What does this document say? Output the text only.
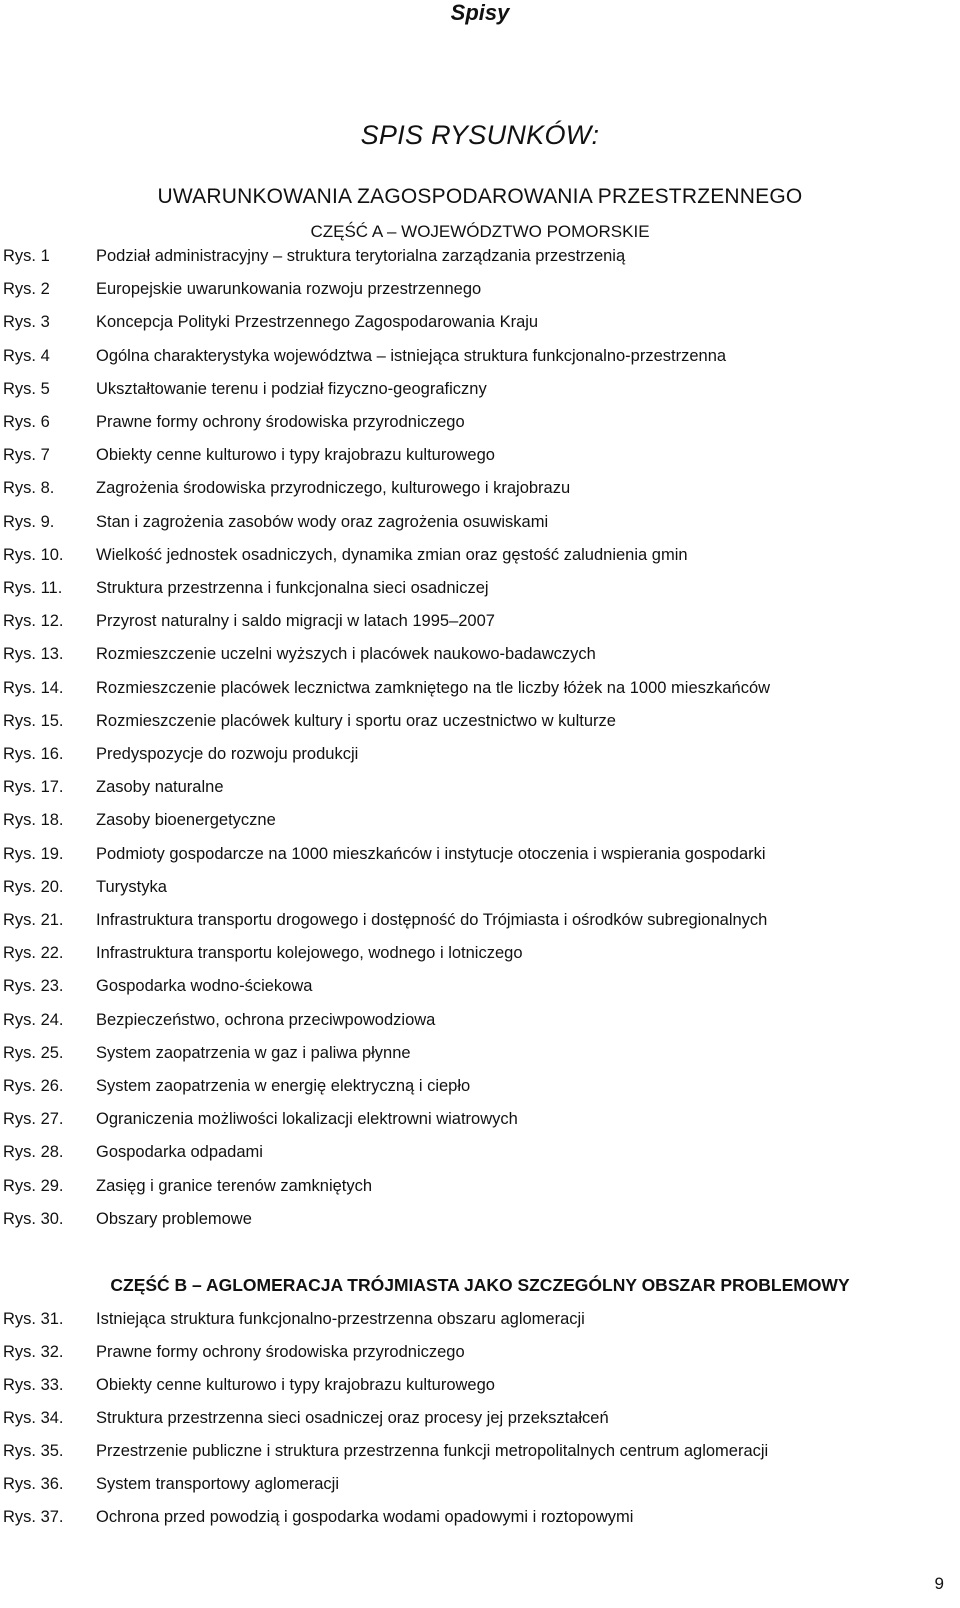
Spisy
SPIS RYSUNKÓW:
UWARUNKOWANIA ZAGOSPODAROWANIA PRZESTRZENNEGO
CZĘŚĆ A – WOJEWÓDZTWO POMORSKIE
Rys. 1	Podział administracyjny – struktura terytorialna zarządzania przestrzenią
Rys. 2	Europejskie uwarunkowania rozwoju przestrzennego
Rys. 3	Koncepcja Polityki Przestrzennego Zagospodarowania Kraju
Rys. 4	Ogólna charakterystyka województwa – istniejąca struktura funkcjonalno-przestrzenna
Rys. 5	Ukształtowanie terenu i podział fizyczno-geograficzny
Rys. 6	Prawne formy ochrony środowiska przyrodniczego
Rys. 7	Obiekty cenne kulturowo i typy krajobrazu kulturowego
Rys. 8.	Zagrożenia środowiska przyrodniczego, kulturowego i krajobrazu
Rys. 9.	Stan i zagrożenia zasobów wody oraz zagrożenia osuwiskami
Rys. 10. Wielkość jednostek osadniczych, dynamika zmian oraz gęstość zaludnienia gmin
Rys. 11. Struktura przestrzenna i funkcjonalna sieci osadniczej
Rys. 12. Przyrost naturalny i saldo migracji w latach 1995–2007
Rys. 13. Rozmieszczenie uczelni wyższych i placówek naukowo-badawczych
Rys. 14. Rozmieszczenie placówek lecznictwa zamkniętego na tle liczby łóżek na 1000 mieszkańców
Rys. 15. Rozmieszczenie placówek kultury i sportu oraz uczestnictwo w kulturze
Rys. 16. Predyspozycje do rozwoju produkcji
Rys. 17. Zasoby naturalne
Rys. 18. Zasoby bioenergetyczne
Rys. 19. Podmioty gospodarcze na 1000 mieszkańców i instytucje otoczenia i wspierania gospodarki
Rys. 20. Turystyka
Rys. 21. Infrastruktura transportu drogowego i dostępność do Trójmiasta i ośrodków subregionalnych
Rys. 22. Infrastruktura transportu kolejowego, wodnego i lotniczego
Rys. 23. Gospodarka wodno-ściekowa
Rys. 24. Bezpieczeństwo, ochrona przeciwpowodziowa
Rys. 25. System zaopatrzenia w gaz i paliwa płynne
Rys. 26. System zaopatrzenia w energię elektryczną i ciepło
Rys. 27. Ograniczenia możliwości lokalizacji elektrowni wiatrowych
Rys. 28. Gospodarka odpadami
Rys. 29. Zasięg i granice terenów zamkniętych
Rys. 30. Obszary problemowe
CZĘŚĆ B – AGLOMERACJA TRÓJMIASTA JAKO SZCZEGÓLNY OBSZAR PROBLEMOWY
Rys. 31. Istniejąca struktura funkcjonalno-przestrzenna obszaru aglomeracji
Rys. 32. Prawne formy ochrony środowiska przyrodniczego
Rys. 33. Obiekty cenne kulturowo i typy krajobrazu kulturowego
Rys. 34. Struktura przestrzenna sieci osadniczej oraz procesy jej przekształceń
Rys. 35. Przestrzenie publiczne i struktura przestrzenna funkcji metropolitalnych centrum aglomeracji
Rys. 36. System transportowy aglomeracji
Rys. 37. Ochrona przed powodzią i gospodarka wodami opadowymi i roztopowymi
9
